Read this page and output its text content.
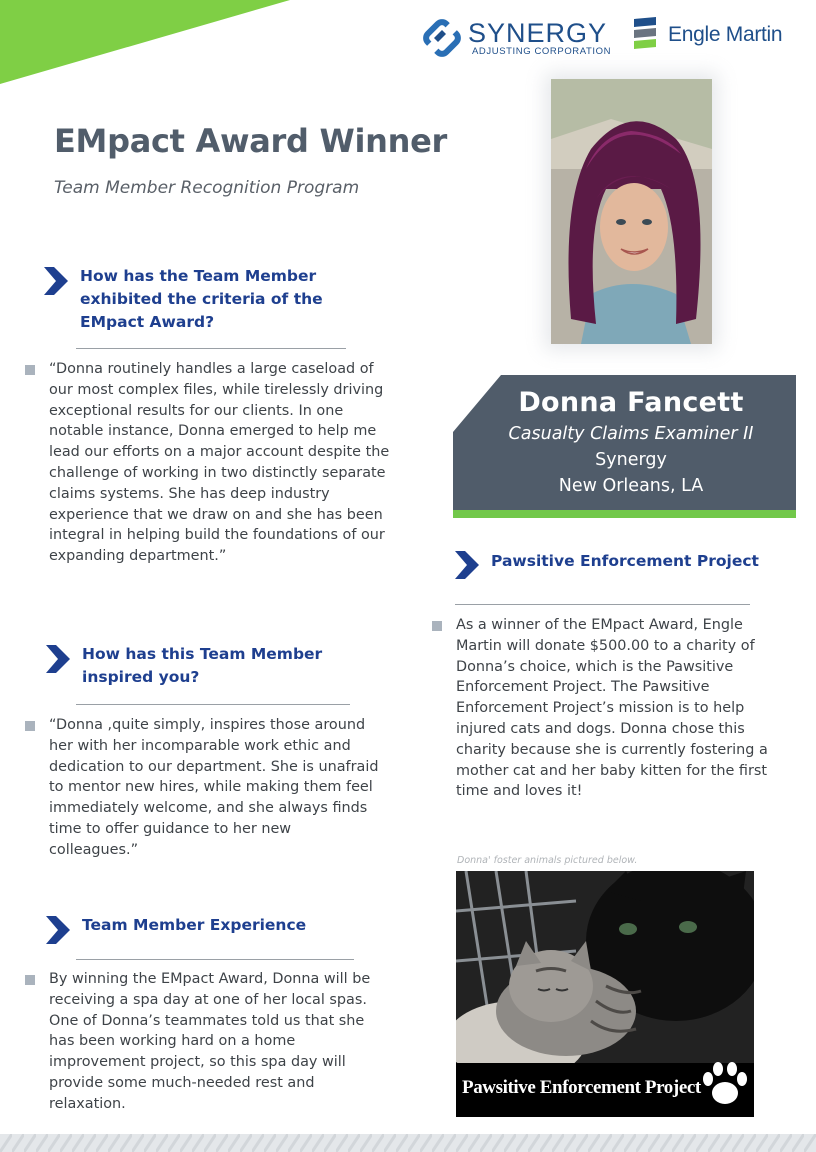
SYNERGY
ADJUSTING CORPORATION
Engle Martin
EMpact Award Winner

Team Member Recognition Program

How has the Team Member exhibited the criteria of the EMpact Award?

“Donna routinely handles a large caseload of our most complex files, while tirelessly driving exceptional results for our clients. In one notable instance, Donna emerged to help me lead our efforts on a major account despite the challenge of working in two distinctly separate claims systems. She has deep industry experience that we draw on and she has been integral in helping build the foundations of our expanding department.”

How has this Team Member inspired you?

“Donna ,quite simply, inspires those around her with her incomparable work ethic and dedication to our department. She is unafraid to mentor new hires, while making them feel immediately welcome, and she always finds time to offer guidance to her new colleagues.”

Team Member Experience

By winning the EMpact Award, Donna will be receiving a spa day at one of her local spas. One of Donna’s teammates told us that she has been working hard on a home improvement project, so this spa day will provide some much-needed rest and relaxation.

Donna Fancett
Casualty Claims Examiner II
Synergy
New Orleans, LA
Pawsitive Enforcement Project

As a winner of the EMpact Award, Engle Martin will donate $500.00 to a charity of Donna’s choice, which is the Pawsitive Enforcement Project. The Pawsitive Enforcement Project’s mission is to help injured cats and dogs. Donna chose this charity because she is currently fostering a mother cat and her baby kitten for the first time and loves it!

Donna' foster animals pictured below.

Pawsitive Enforcement Project
